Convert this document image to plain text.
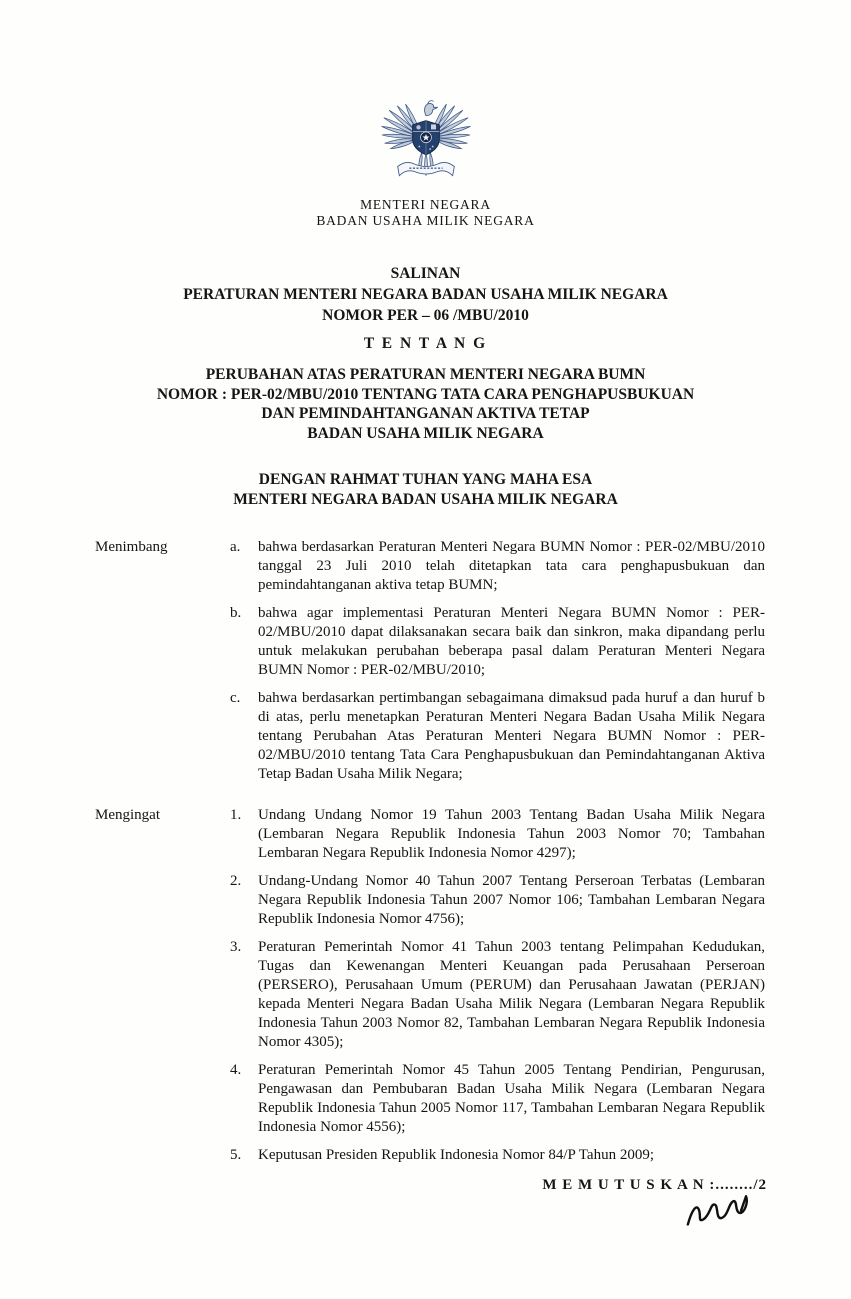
MENTERI NEGARA
BADAN USAHA MILIK NEGARA
SALINAN
PERATURAN MENTERI NEGARA BADAN USAHA MILIK NEGARA
NOMOR PER – 06 /MBU/2010
T E N T A N G
PERUBAHAN ATAS PERATURAN MENTERI NEGARA BUMN
NOMOR : PER-02/MBU/2010 TENTANG TATA CARA PENGHAPUSBUKUAN
DAN PEMINDAHTANGANAN AKTIVA TETAP
BADAN USAHA MILIK NEGARA
DENGAN RAHMAT TUHAN YANG MAHA ESA
MENTERI NEGARA BADAN USAHA MILIK NEGARA
Menimbang	a.	bahwa berdasarkan Peraturan Menteri Negara BUMN Nomor : PER-02/MBU/2010 tanggal 23 Juli 2010 telah ditetapkan tata cara penghapusbukuan dan pemindahtanganan aktiva tetap BUMN;
b.	bahwa agar implementasi Peraturan Menteri Negara BUMN Nomor : PER-02/MBU/2010 dapat dilaksanakan secara baik dan sinkron, maka dipandang perlu untuk melakukan perubahan beberapa pasal dalam Peraturan Menteri Negara BUMN Nomor : PER-02/MBU/2010;
c.	bahwa berdasarkan pertimbangan sebagaimana dimaksud pada huruf a dan huruf b di atas, perlu menetapkan Peraturan Menteri Negara Badan Usaha Milik Negara tentang Perubahan Atas Peraturan Menteri Negara BUMN Nomor : PER-02/MBU/2010 tentang Tata Cara Penghapusbukuan dan Pemindahtanganan Aktiva Tetap Badan Usaha Milik Negara;
Mengingat	1.	Undang Undang Nomor 19 Tahun 2003 Tentang Badan Usaha Milik Negara (Lembaran Negara Republik Indonesia Tahun 2003 Nomor 70; Tambahan Lembaran Negara Republik Indonesia Nomor 4297);
2.	Undang-Undang Nomor 40 Tahun 2007 Tentang Perseroan Terbatas (Lembaran Negara Republik Indonesia Tahun 2007 Nomor 106; Tambahan Lembaran Negara Republik Indonesia Nomor 4756);
3.	Peraturan Pemerintah Nomor 41 Tahun 2003 tentang Pelimpahan Kedudukan, Tugas dan Kewenangan Menteri Keuangan pada Perusahaan Perseroan (PERSERO), Perusahaan Umum (PERUM) dan Perusahaan Jawatan (PERJAN) kepada Menteri Negara Badan Usaha Milik Negara (Lembaran Negara Republik Indonesia Tahun 2003 Nomor 82, Tambahan Lembaran Negara Republik Indonesia Nomor 4305);
4.	Peraturan Pemerintah Nomor 45 Tahun 2005 Tentang Pendirian, Pengurusan, Pengawasan dan Pembubaran Badan Usaha Milik Negara (Lembaran Negara Republik Indonesia Tahun 2005 Nomor 117, Tambahan Lembaran Negara Republik Indonesia Nomor 4556);
5.	Keputusan Presiden Republik Indonesia Nomor 84/P Tahun 2009;
M E M U T U S K A N :......../2
